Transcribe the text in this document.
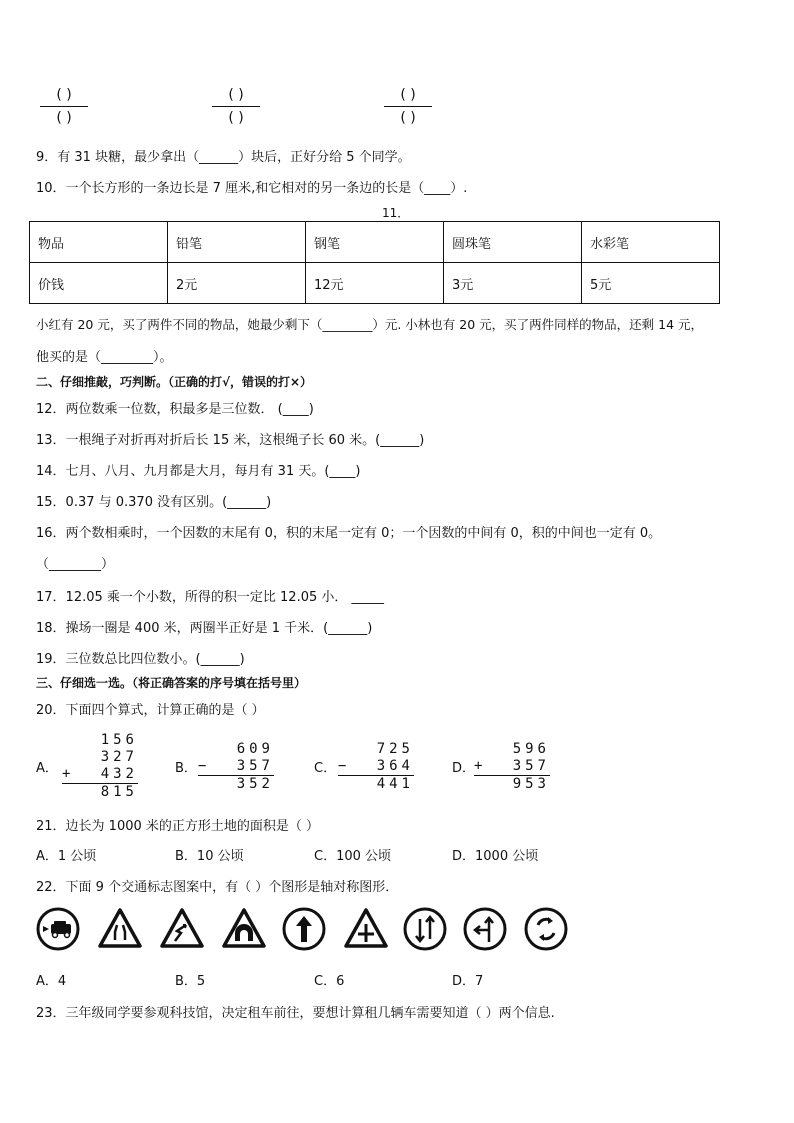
( )
( )
( )
( )
( )
( )
9．有 31 块糖，最少拿出（______）块后，正好分给 5 个同学。
10．一个长方形的一条边长是 7 厘米,和它相对的另一条边的长是（____）.
11．
物品	铅笔	钢笔	圆珠笔	水彩笔
价钱	2元	12元	3元	5元
小红有 20 元，买了两件不同的物品，她最少剩下（________）元. 小林也有 20 元，买了两件同样的物品，还剩 14 元，
他买的是（________）。
二、仔细推敲，巧判断。（正确的打√，错误的打×）
12．两位数乘一位数，积最多是三位数． (____)
13．一根绳子对折再对折后长 15 米，这根绳子长 60 米。(______)
14．七月、八月、九月都是大月，每月有 31 天。(____)
15．0.37 与 0.370 没有区别。(______)
16．两个数相乘时，一个因数的末尾有 0，积的末尾一定有 0；一个因数的中间有 0，积的中间也一定有 0。
（________）
17．12.05 乘一个小数，所得的积一定比 12.05 小． _____
18．操场一圈是 400 米，两圈半正好是 1 千米．(______)
19．三位数总比四位数小。(______)
三、仔细选一选。（将正确答案的序号填在括号里）
20．下面四个算式，计算正确的是（ ）
A．
156
327
+ 432
815
B．
609
− 357
352
C．
725
− 364
441
D．
596
+ 357
953
21．边长为 1000 米的正方形土地的面积是（ ）
A．1 公顷	B．10 公顷	C．100 公顷	D．1000 公顷
22．下面 9 个交通标志图案中，有（ ）个图形是轴对称图形．
A．4	B．5	C．6	D．7
23．三年级同学要参观科技馆，决定租车前往，要想计算租几辆车需要知道（ ）两个信息.
